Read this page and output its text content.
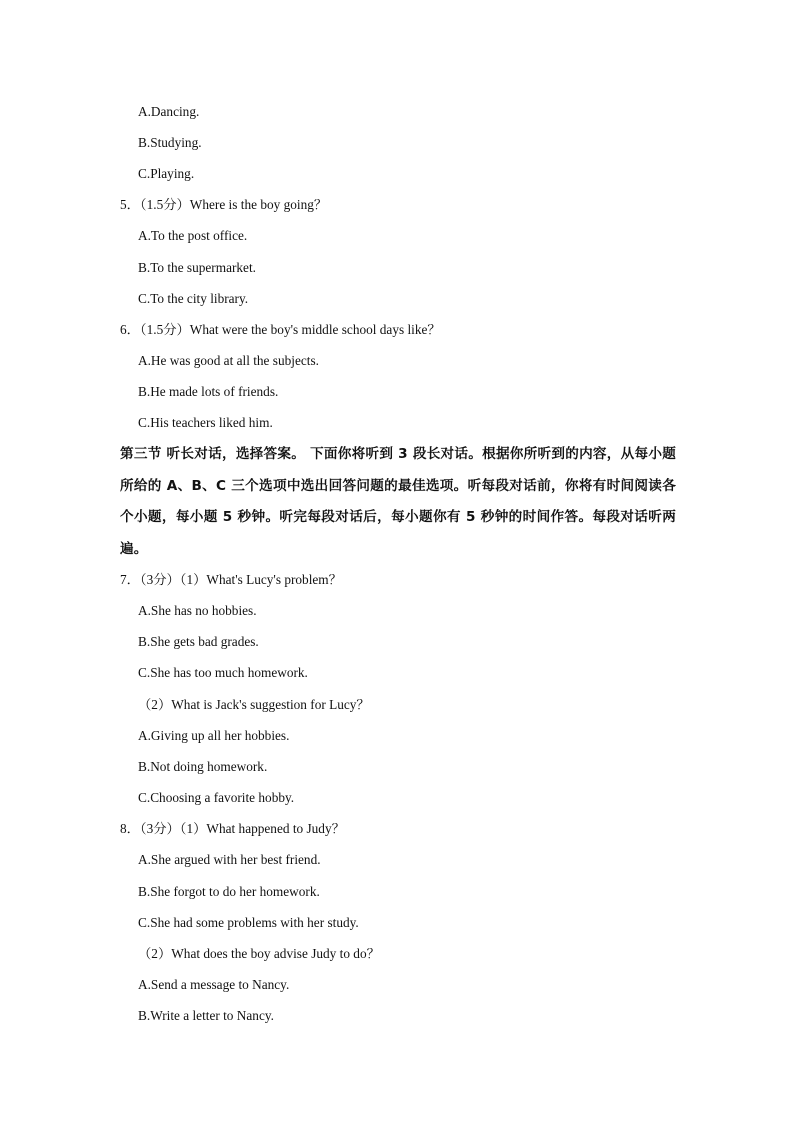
A.Dancing.
B.Studying.
C.Playing.
5．（1.5分）Where is the boy going？
A.To the post office.
B.To the supermarket.
C.To the city library.
6．（1.5分）What were the boy's middle school days like？
A.He was good at all the subjects.
B.He made lots of friends.
C.His teachers liked him.
第三节 听长对话，选择答案。 下面你将听到 3 段长对话。根据你所听到的内容，从每小题所给的 A、B、C 三个选项中选出回答问题的最佳选项。听每段对话前，你将有时间阅读各个小题，每小题 5 秒钟。听完每段对话后，每小题你有 5 秒钟的时间作答。每段对话听两遍。
7．（3分）（1）What's Lucy's problem？
A.She has no hobbies.
B.She gets bad grades.
C.She has too much homework.
（2）What is Jack's suggestion for Lucy？
A.Giving up all her hobbies.
B.Not doing homework.
C.Choosing a favorite hobby.
8．（3分）（1）What happened to Judy？
A.She argued with her best friend.
B.She forgot to do her homework.
C.She had some problems with her study.
（2）What does the boy advise Judy to do？
A.Send a message to Nancy.
B.Write a letter to Nancy.
